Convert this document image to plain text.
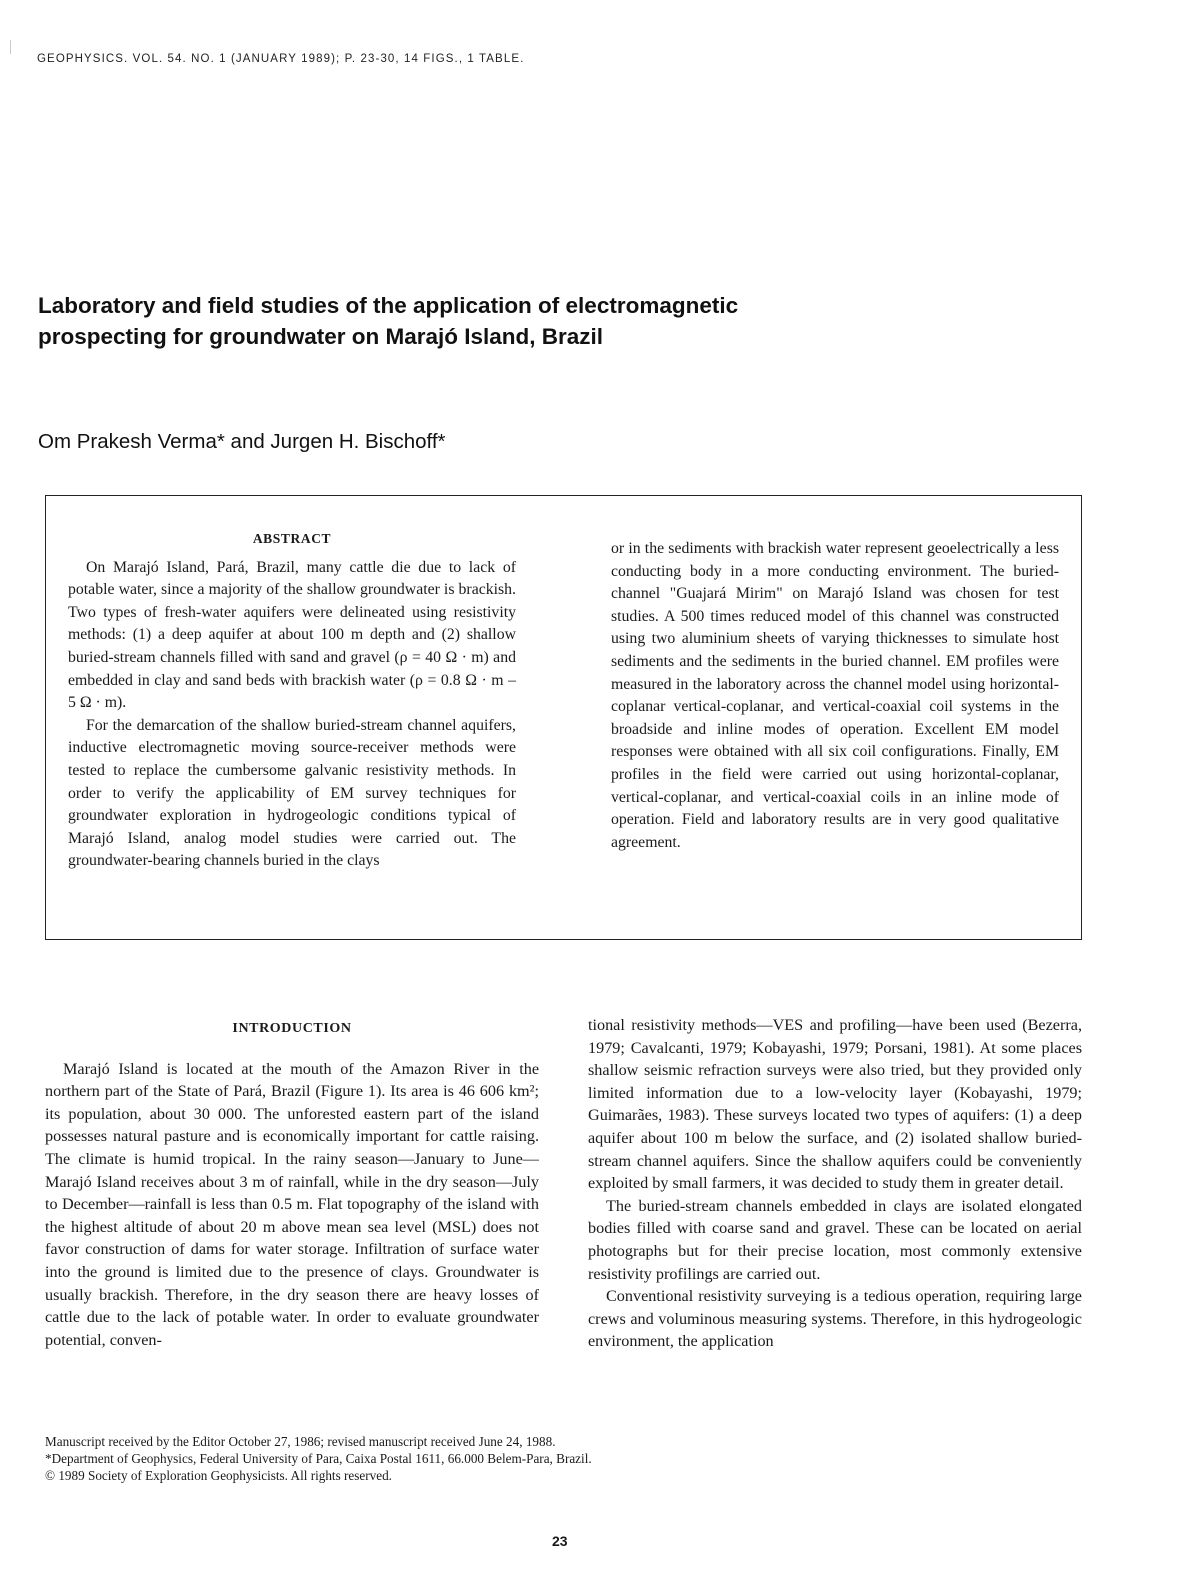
GEOPHYSICS. VOL. 54. NO. 1 (JANUARY 1989); P. 23-30, 14 FIGS., 1 TABLE.
Laboratory and field studies of the application of electromagnetic
prospecting for groundwater on Marajó Island, Brazil
Om Prakesh Verma* and Jurgen H. Bischoff*
ABSTRACT

On Marajó Island, Pará, Brazil, many cattle die due to lack of potable water, since a majority of the shallow groundwater is brackish. Two types of fresh-water aquifers were delineated using resistivity methods: (1) a deep aquifer at about 100 m depth and (2) shallow buried-stream channels filled with sand and gravel (ρ = 40 Ω · m) and embedded in clay and sand beds with brackish water (ρ = 0.8 Ω · m – 5 Ω · m).

For the demarcation of the shallow buried-stream channel aquifers, inductive electromagnetic moving source-receiver methods were tested to replace the cumbersome galvanic resistivity methods. In order to verify the applicability of EM survey techniques for groundwater exploration in hydrogeologic conditions typical of Marajó Island, analog model studies were carried out. The groundwater-bearing channels buried in the clays

or in the sediments with brackish water represent geoelectrically a less conducting body in a more conducting environment. The buried-channel "Guajará Mirim" on Marajó Island was chosen for test studies. A 500 times reduced model of this channel was constructed using two aluminium sheets of varying thicknesses to simulate host sediments and the sediments in the buried channel. EM profiles were measured in the laboratory across the channel model using horizontal-coplanar vertical-coplanar, and vertical-coaxial coil systems in the broadside and inline modes of operation. Excellent EM model responses were obtained with all six coil configurations. Finally, EM profiles in the field were carried out using horizontal-coplanar, vertical-coplanar, and vertical-coaxial coils in an inline mode of operation. Field and laboratory results are in very good qualitative agreement.

INTRODUCTION

Marajó Island is located at the mouth of the Amazon River in the northern part of the State of Pará, Brazil (Figure 1). Its area is 46 606 km²; its population, about 30 000. The unforested eastern part of the island possesses natural pasture and is economically important for cattle raising. The climate is humid tropical. In the rainy season—January to June—Marajó Island receives about 3 m of rainfall, while in the dry season—July to December—rainfall is less than 0.5 m. Flat topography of the island with the highest altitude of about 20 m above mean sea level (MSL) does not favor construction of dams for water storage. Infiltration of surface water into the ground is limited due to the presence of clays. Groundwater is usually brackish. Therefore, in the dry season there are heavy losses of cattle due to the lack of potable water. In order to evaluate groundwater potential, conven-

tional resistivity methods—VES and profiling—have been used (Bezerra, 1979; Cavalcanti, 1979; Kobayashi, 1979; Porsani, 1981). At some places shallow seismic refraction surveys were also tried, but they provided only limited information due to a low-velocity layer (Kobayashi, 1979; Guimarães, 1983). These surveys located two types of aquifers: (1) a deep aquifer about 100 m below the surface, and (2) isolated shallow buried-stream channel aquifers. Since the shallow aquifers could be conveniently exploited by small farmers, it was decided to study them in greater detail.

The buried-stream channels embedded in clays are isolated elongated bodies filled with coarse sand and gravel. These can be located on aerial photographs but for their precise location, most commonly extensive resistivity profilings are carried out.

Conventional resistivity surveying is a tedious operation, requiring large crews and voluminous measuring systems. Therefore, in this hydrogeologic environment, the application

Manuscript received by the Editor October 27, 1986; revised manuscript received June 24, 1988.
*Department of Geophysics, Federal University of Para, Caixa Postal 1611, 66.000 Belem-Para, Brazil.
© 1989 Society of Exploration Geophysicists. All rights reserved.
23
